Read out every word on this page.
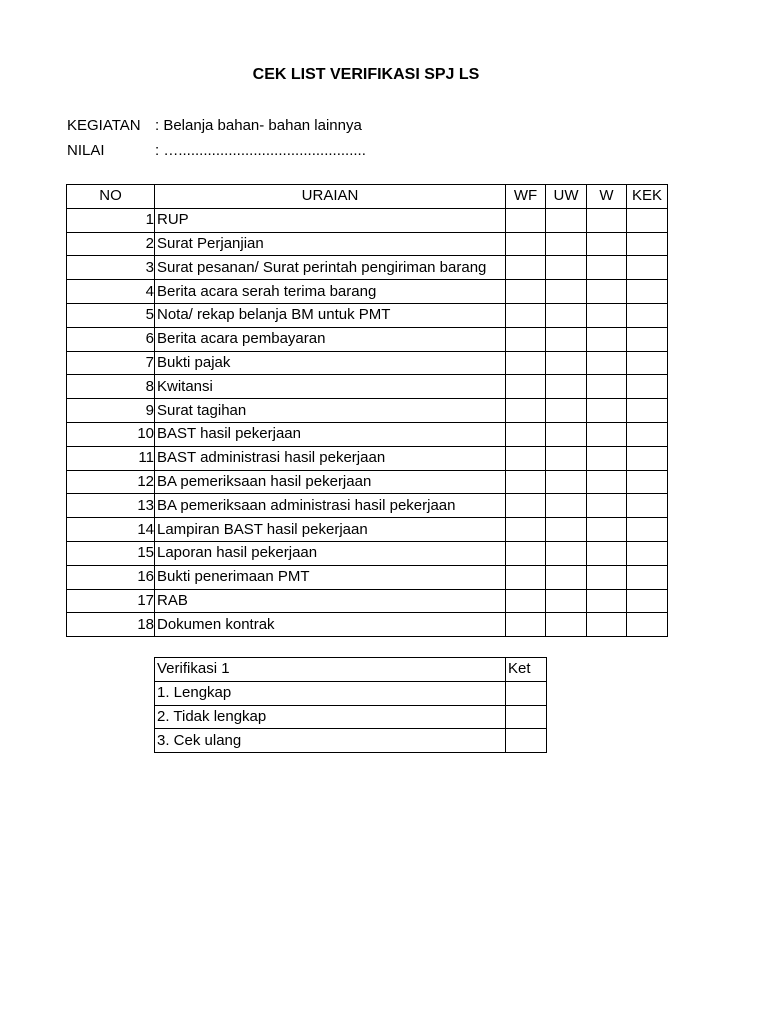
CEK LIST VERIFIKASI SPJ LS
KEGIATAN : Belanja bahan- bahan lainnya
NILAI	: ….............................................
NO	URAIAN	WF	UW	W	KEK
1	RUP				
2	Surat Perjanjian				
3	Surat pesanan/ Surat perintah pengiriman barang				
4	Berita acara serah terima barang				
5	Nota/ rekap belanja BM untuk PMT				
6	Berita acara pembayaran				
7	Bukti pajak				
8	Kwitansi				
9	Surat tagihan				
10	BAST hasil pekerjaan				
11	BAST administrasi hasil pekerjaan				
12	BA pemeriksaan hasil pekerjaan				
13	BA pemeriksaan administrasi hasil pekerjaan				
14	Lampiran BAST hasil pekerjaan				
15	Laporan hasil pekerjaan				
16	Bukti penerimaan PMT				
17	RAB				
18	Dokumen kontrak				
Verifikasi 1	Ket
1. Lengkap	
2. Tidak lengkap	
3. Cek ulang	
